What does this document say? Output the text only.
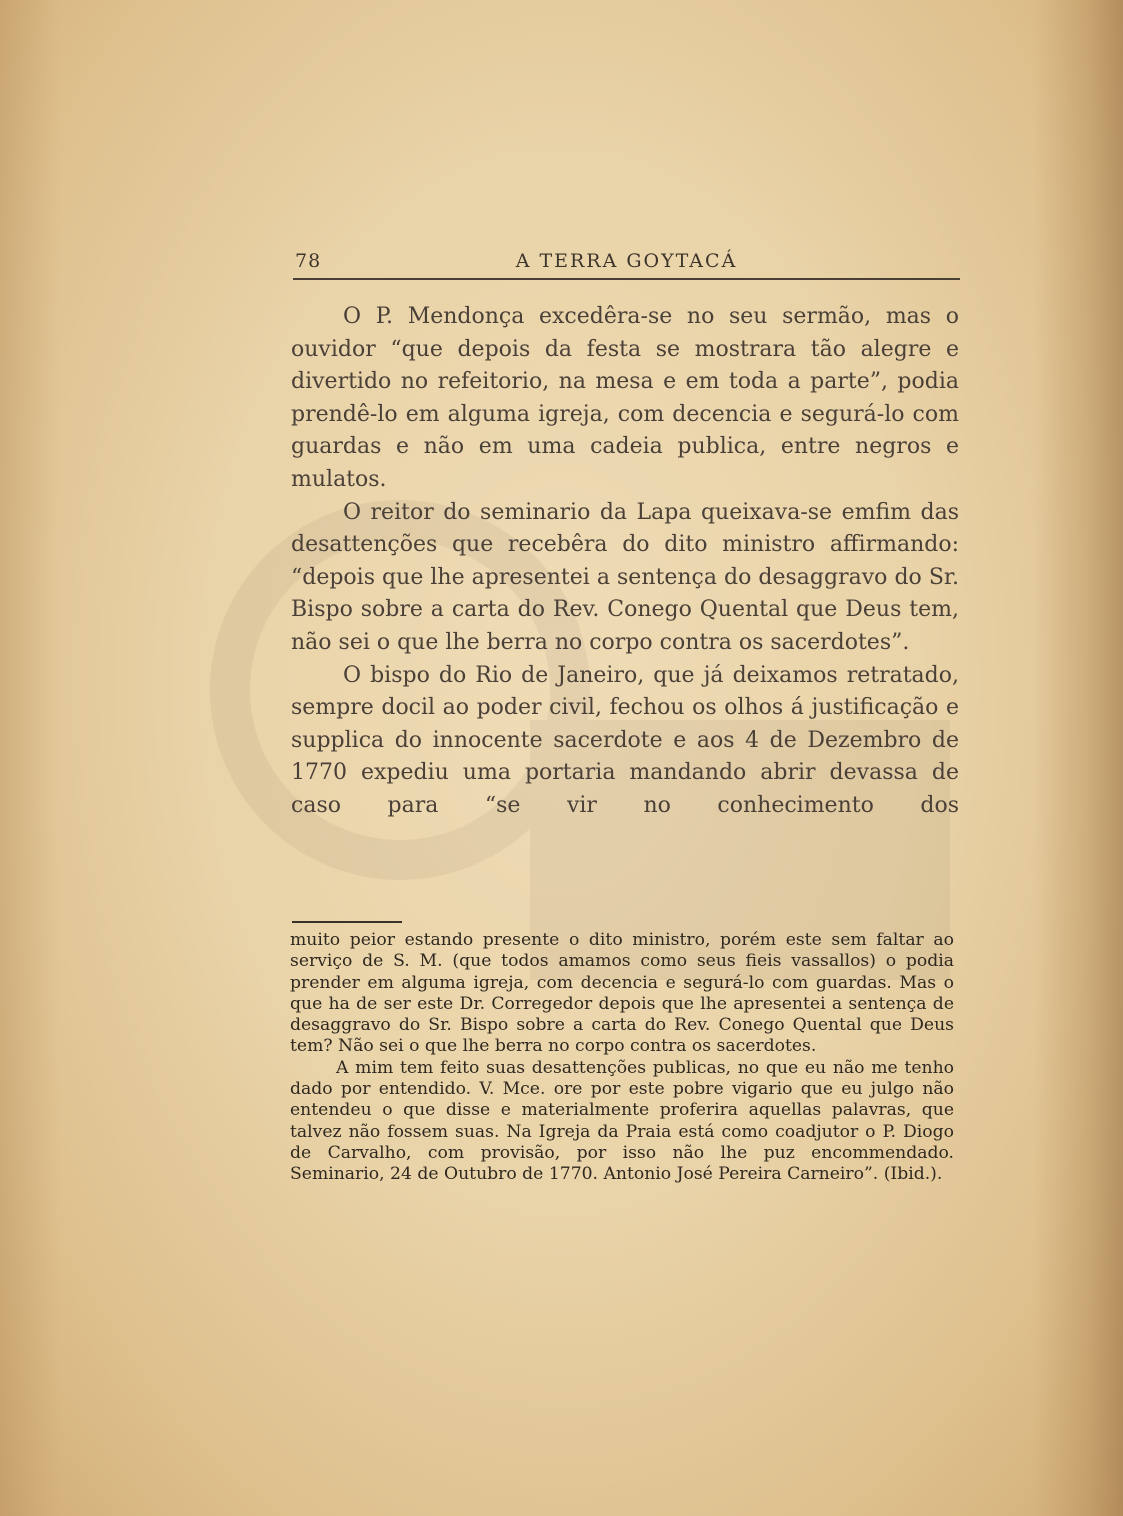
78	A TERRA GOYTACÁ

O P. Mendonça excedêra-se no seu sermão, mas o ouvidor “que depois da festa se mostrara tão alegre e divertido no refeitorio, na mesa e em toda a parte”, podia prendê-lo em alguma igreja, com decencia e segurá-lo com guardas e não em uma cadeia publica, entre negros e mulatos.

O reitor do seminario da Lapa queixava-se emfim das desattenções que recebêra do dito ministro affirmando: “depois que lhe apresentei a sentença do desaggravo do Sr. Bispo sobre a carta do Rev. Conego Quental que Deus tem, não sei o que lhe berra no corpo contra os sacerdotes”.

O bispo do Rio de Janeiro, que já deixamos retratado, sempre docil ao poder civil, fechou os olhos á justificação e supplica do innocente sacerdote e aos 4 de Dezembro de 1770 expediu uma portaria mandando abrir devassa de caso para “se vir no conhecimento dos

muito peior estando presente o dito ministro, porém este sem faltar ao serviço de S. M. (que todos amamos como seus fieis vassallos) o podia prender em alguma igreja, com decencia e segurá-lo com guardas. Mas o que ha de ser este Dr. Corregedor depois que lhe apresentei a sentença de desaggravo do Sr. Bispo sobre a carta do Rev. Conego Quental que Deus tem? Não sei o que lhe berra no corpo contra os sacerdotes.

A mim tem feito suas desattenções publicas, no que eu não me tenho dado por entendido. V. Mce. ore por este pobre vigario que eu julgo não entendeu o que disse e materialmente proferira aquellas palavras, que talvez não fossem suas. Na Igreja da Praia está como coadjutor o P. Diogo de Carvalho, com provisão, por isso não lhe puz encommendado. Seminario, 24 de Outubro de 1770. Antonio José Pereira Carneiro”. (Ibid.).
